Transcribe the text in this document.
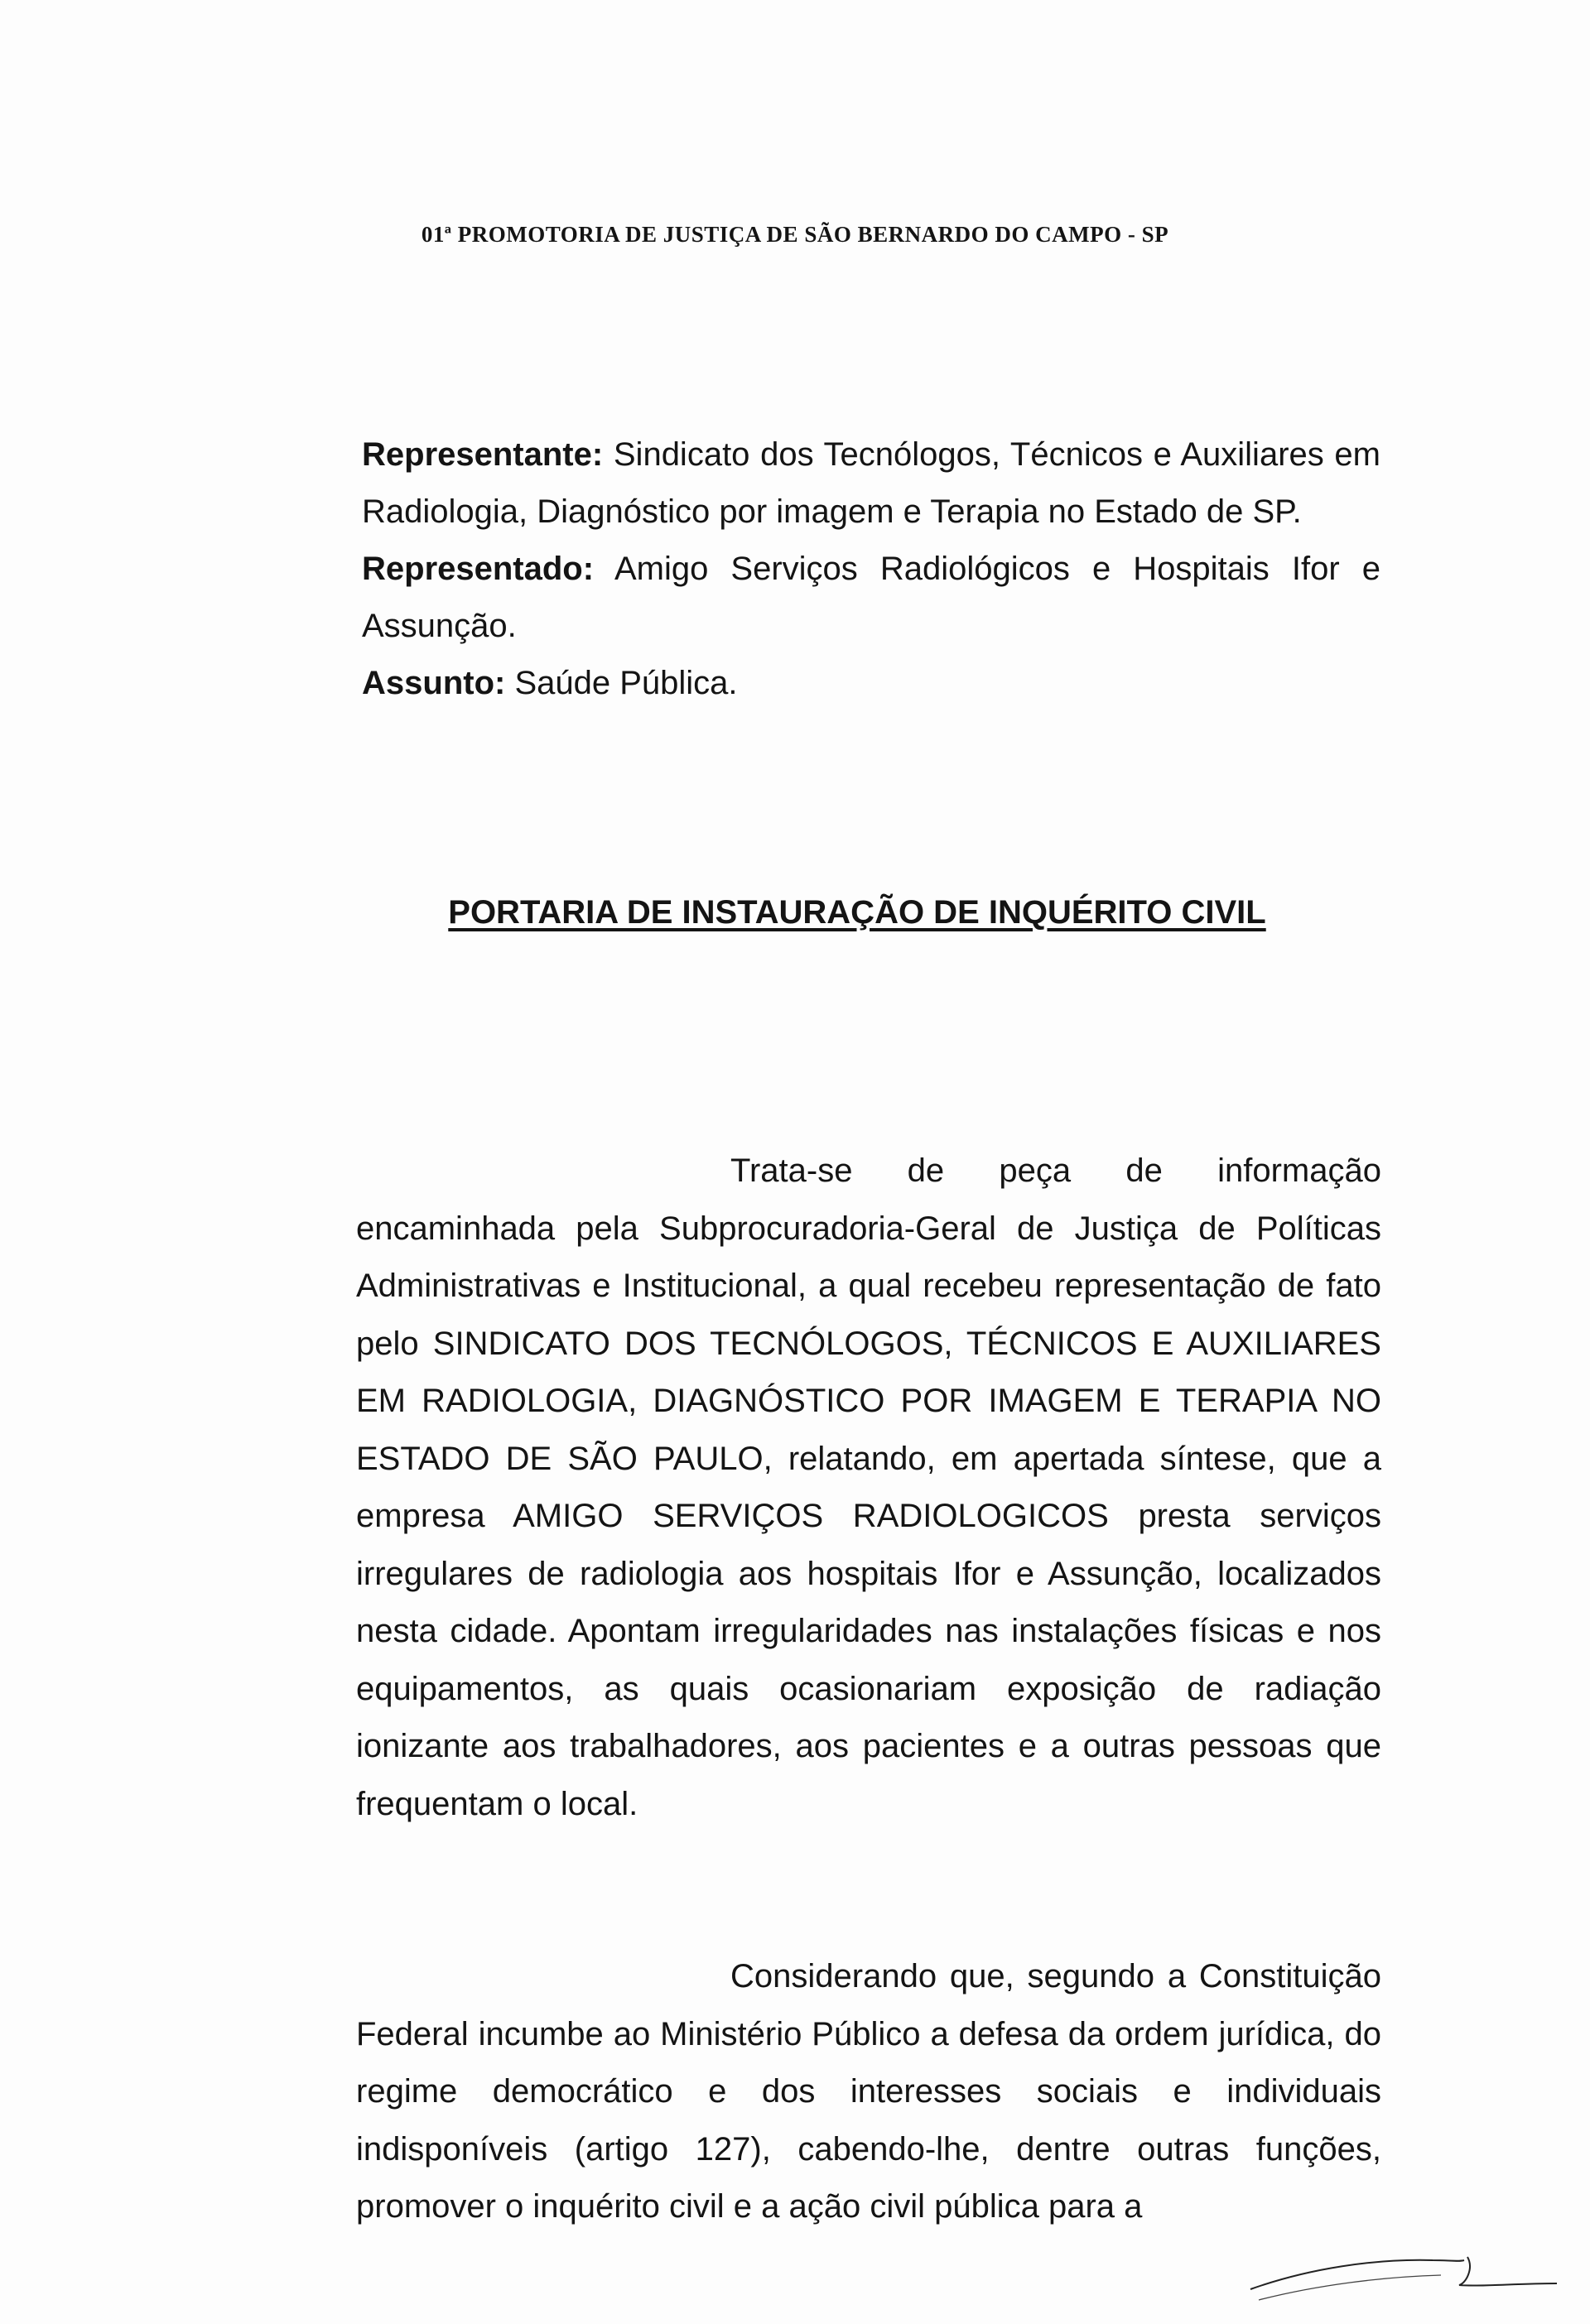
01ª PROMOTORIA DE JUSTIÇA DE SÃO BERNARDO DO CAMPO - SP

Representante: Sindicato dos Tecnólogos, Técnicos e Auxiliares em Radiologia, Diagnóstico por imagem e Terapia no Estado de SP.

Representado: Amigo Serviços Radiológicos e Hospitais Ifor e Assunção.

Assunto: Saúde Pública.

PORTARIA DE INSTAURAÇÃO DE INQUÉRITO CIVIL

Trata-se de peça de informação encaminhada pela Subprocuradoria-Geral de Justiça de Políticas Administrativas e Institucional, a qual recebeu representação de fato pelo SINDICATO DOS TECNÓLOGOS, TÉCNICOS E AUXILIARES EM RADIOLOGIA, DIAGNÓSTICO POR IMAGEM E TERAPIA NO ESTADO DE SÃO PAULO, relatando, em apertada síntese, que a empresa AMIGO SERVIÇOS RADIOLOGICOS presta serviços irregulares de radiologia aos hospitais Ifor e Assunção, localizados nesta cidade. Apontam irregularidades nas instalações físicas e nos equipamentos, as quais ocasionariam exposição de radiação ionizante aos trabalhadores, aos pacientes e a outras pessoas que frequentam o local.

Considerando que, segundo a Constituição Federal incumbe ao Ministério Público a defesa da ordem jurídica, do regime democrático e dos interesses sociais e individuais indisponíveis (artigo 127), cabendo-lhe, dentre outras funções, promover o inquérito civil e a ação civil pública para a
